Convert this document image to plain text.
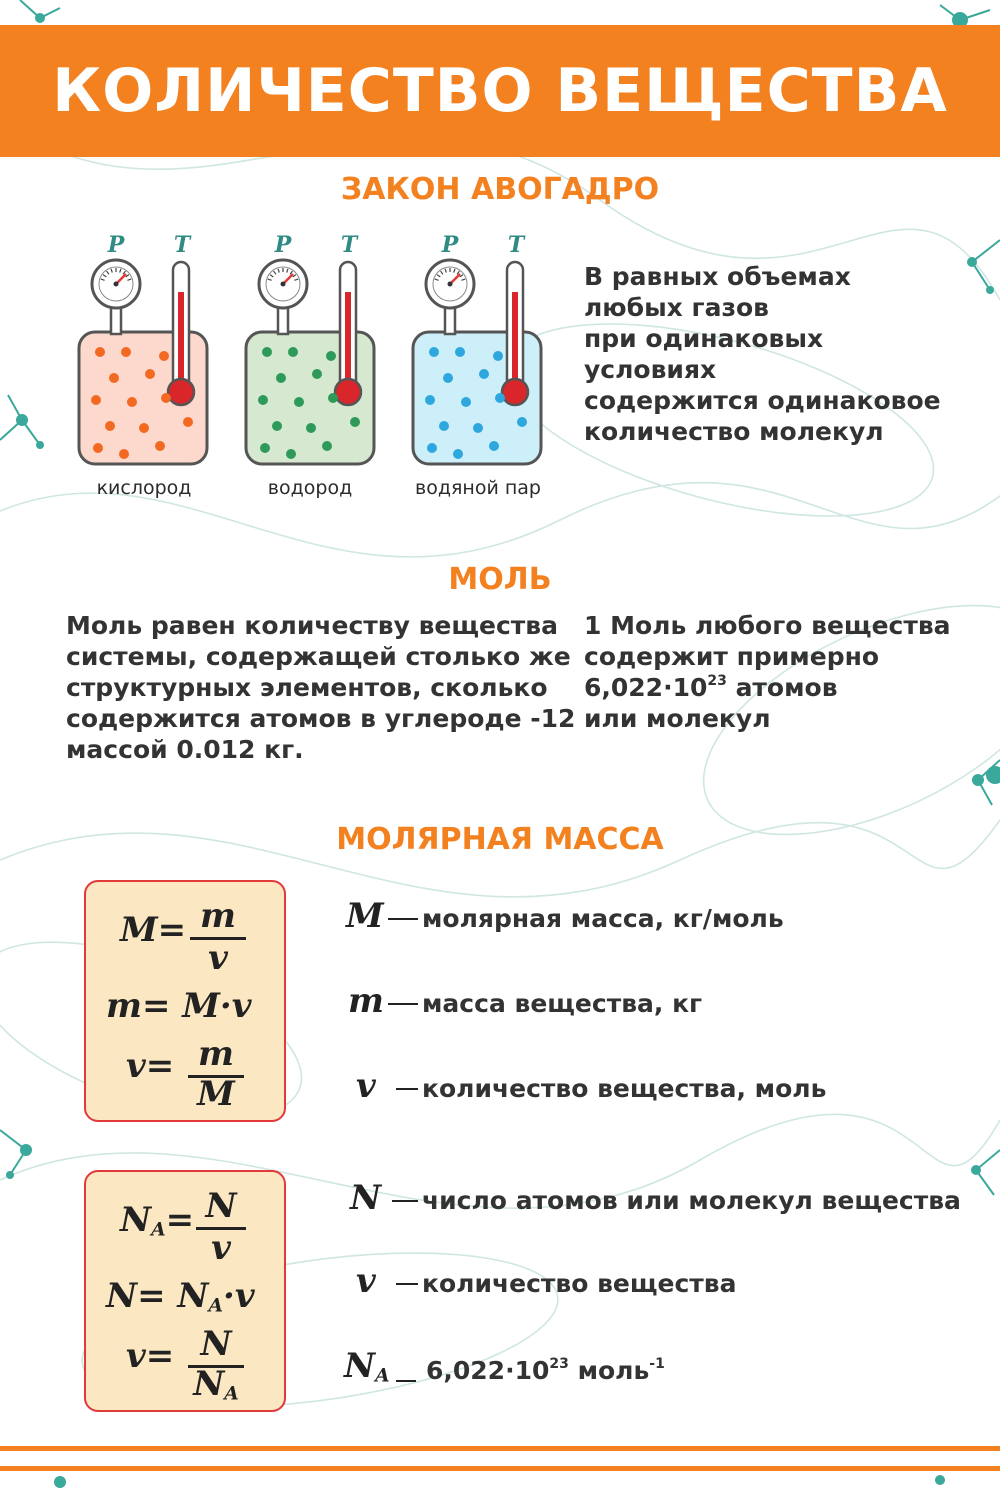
КОЛИЧЕСТВО ВЕЩЕСТВА
ЗАКОН АВОГАДРО
P T	P T	P T
кислород	водород	водяной пар
В равных объемах
любых газов
при одинаковых
условиях
содержится одинаковое
количество молекул
МОЛЬ
Моль равен количеству вещества
системы, содержащей столько же
структурных элементов, сколько
содержится атомов в углероде -12
массой 0.012 кг.
1 Моль любого вещества
содержит примерно
$6,022\cdot 10^{23}$ атомов
или молекул
МОЛЯРНАЯ МАССА
M= m
v
m= M·v
v= m
M
$N_A= N$
v
$N= N_A\cdot v$
v= N
$N_A$
M молярная масса, кг/моль
m масса вещества, кг
v количество вещества, моль
N число атомов или молекул вещества
v количество вещества
$N_A$ $6,022\cdot 10^{23}$ моль$^{-1}$
